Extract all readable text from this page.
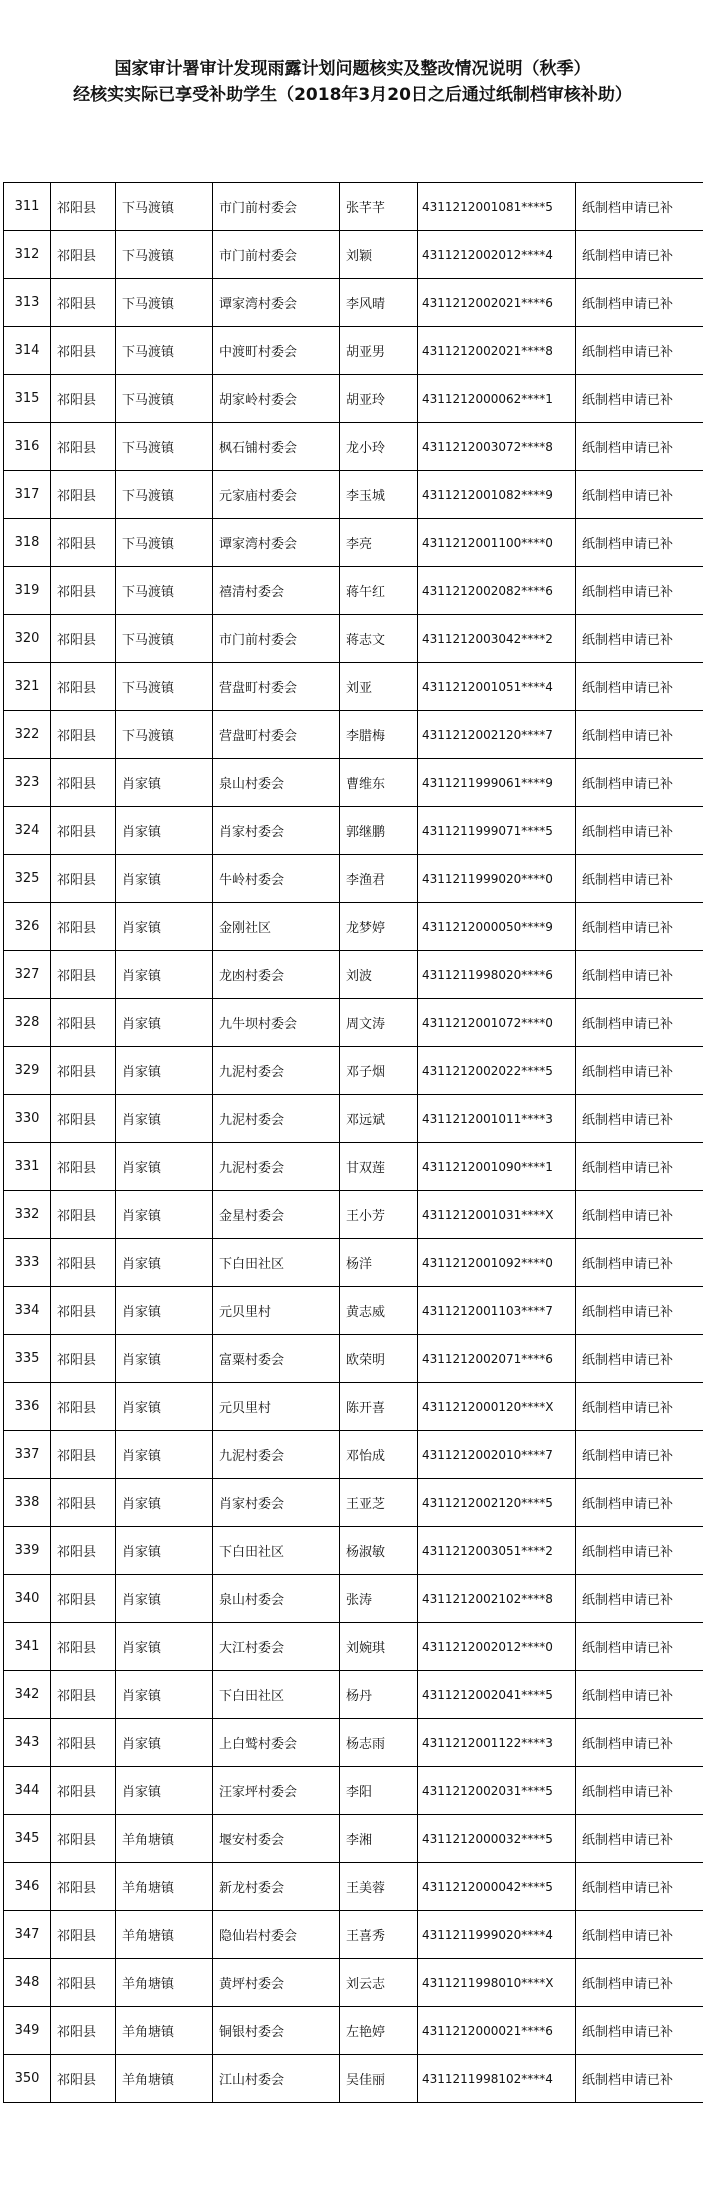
国家审计署审计发现雨露计划问题核实及整改情况说明（秋季）
经核实实际已享受补助学生（2018年3月20日之后通过纸制档审核补助）
311	祁阳县	下马渡镇	市门前村委会	张芊芊	4311212001081****5	纸制档申请已补
312	祁阳县	下马渡镇	市门前村委会	刘颖	4311212002012****4	纸制档申请已补
313	祁阳县	下马渡镇	谭家湾村委会	李风晴	4311212002021****6	纸制档申请已补
314	祁阳县	下马渡镇	中渡町村委会	胡亚男	4311212002021****8	纸制档申请已补
315	祁阳县	下马渡镇	胡家岭村委会	胡亚玲	4311212000062****1	纸制档申请已补
316	祁阳县	下马渡镇	枫石铺村委会	龙小玲	4311212003072****8	纸制档申请已补
317	祁阳县	下马渡镇	元家庙村委会	李玉城	4311212001082****9	纸制档申请已补
318	祁阳县	下马渡镇	谭家湾村委会	李亮	4311212001100****0	纸制档申请已补
319	祁阳县	下马渡镇	禧清村委会	蒋午红	4311212002082****6	纸制档申请已补
320	祁阳县	下马渡镇	市门前村委会	蒋志文	4311212003042****2	纸制档申请已补
321	祁阳县	下马渡镇	营盘町村委会	刘亚	4311212001051****4	纸制档申请已补
322	祁阳县	下马渡镇	营盘町村委会	李腊梅	4311212002120****7	纸制档申请已补
323	祁阳县	肖家镇	泉山村委会	曹维东	4311211999061****9	纸制档申请已补
324	祁阳县	肖家镇	肖家村委会	郭继鹏	4311211999071****5	纸制档申请已补
325	祁阳县	肖家镇	牛岭村委会	李渔君	4311211999020****0	纸制档申请已补
326	祁阳县	肖家镇	金刚社区	龙梦婷	4311212000050****9	纸制档申请已补
327	祁阳县	肖家镇	龙凼村委会	刘波	4311211998020****6	纸制档申请已补
328	祁阳县	肖家镇	九牛坝村委会	周文涛	4311212001072****0	纸制档申请已补
329	祁阳县	肖家镇	九泥村委会	邓子烟	4311212002022****5	纸制档申请已补
330	祁阳县	肖家镇	九泥村委会	邓远斌	4311212001011****3	纸制档申请已补
331	祁阳县	肖家镇	九泥村委会	甘双莲	4311212001090****1	纸制档申请已补
332	祁阳县	肖家镇	金星村委会	王小芳	4311212001031****X	纸制档申请已补
333	祁阳县	肖家镇	下白田社区	杨洋	4311212001092****0	纸制档申请已补
334	祁阳县	肖家镇	元贝里村	黄志威	4311212001103****7	纸制档申请已补
335	祁阳县	肖家镇	富粟村委会	欧荣明	4311212002071****6	纸制档申请已补
336	祁阳县	肖家镇	元贝里村	陈开喜	4311212000120****X	纸制档申请已补
337	祁阳县	肖家镇	九泥村委会	邓怡成	4311212002010****7	纸制档申请已补
338	祁阳县	肖家镇	肖家村委会	王亚芝	4311212002120****5	纸制档申请已补
339	祁阳县	肖家镇	下白田社区	杨淑敏	4311212003051****2	纸制档申请已补
340	祁阳县	肖家镇	泉山村委会	张涛	4311212002102****8	纸制档申请已补
341	祁阳县	肖家镇	大江村委会	刘婉琪	4311212002012****0	纸制档申请已补
342	祁阳县	肖家镇	下白田社区	杨丹	4311212002041****5	纸制档申请已补
343	祁阳县	肖家镇	上白鹫村委会	杨志雨	4311212001122****3	纸制档申请已补
344	祁阳县	肖家镇	汪家坪村委会	李阳	4311212002031****5	纸制档申请已补
345	祁阳县	羊角塘镇	堰安村委会	李湘	4311212000032****5	纸制档申请已补
346	祁阳县	羊角塘镇	新龙村委会	王美蓉	4311212000042****5	纸制档申请已补
347	祁阳县	羊角塘镇	隐仙岩村委会	王喜秀	4311211999020****4	纸制档申请已补
348	祁阳县	羊角塘镇	黄坪村委会	刘云志	4311211998010****X	纸制档申请已补
349	祁阳县	羊角塘镇	铜银村委会	左艳婷	4311212000021****6	纸制档申请已补
350	祁阳县	羊角塘镇	江山村委会	吴佳丽	4311211998102****4	纸制档申请已补
